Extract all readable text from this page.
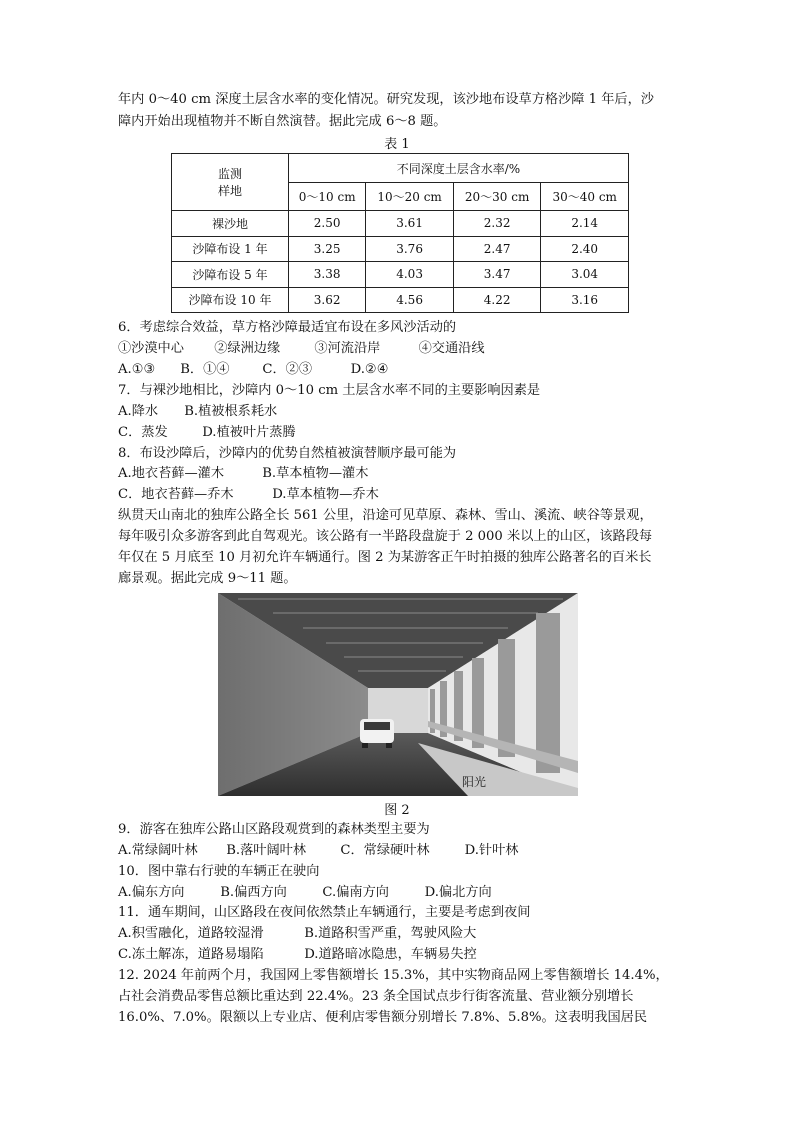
年内 0～40 cm 深度土层含水率的变化情况。研究发现，该沙地布设草方格沙障 1 年后，沙
障内开始出现植物并不断自然演替。据此完成 6～8 题。
表 1
监测
样地	不同深度土层含水率/%			
	0～10 cm	10～20 cm	20～30 cm	30～40 cm
裸沙地	2.50	3.61	2.32	2.14
沙障布设 1 年	3.25	3.76	2.47	2.40
沙障布设 5 年	3.38	4.03	3.47	3.04
沙障布设 10 年	3.62	4.56	4.22	3.16
6．考虑综合效益，草方格沙障最适宜布设在多风沙活动的
①沙漠中心 ②绿洲边缘	③河流沿岸	④交通沿线
A.①③ B．①④ C．②③	D.②④
7．与裸沙地相比，沙障内 0～10 cm 土层含水率不同的主要影响因素是
A.降水 B.植被根系耗水
C．蒸发	D.植被叶片蒸腾
8．布设沙障后，沙障内的优势自然植被演替顺序最可能为
A.地衣苔藓—灌木	B.草本植物—灌木
C．地衣苔藓—乔木	D.草本植物—乔木
纵贯天山南北的独库公路全长 561 公里，沿途可见草原、森林、雪山、溪流、峡谷等景观，
每年吸引众多游客到此自驾观光。该公路有一半路段盘旋于 2 000 米以上的山区，该路段每
年仅在 5 月底至 10 月初允许车辆通行。图 2 为某游客正午时拍摄的独库公路著名的百米长
廊景观。据此完成 9～11 题。
阳光
图 2
9．游客在独库公路山区路段观赏到的森林类型主要为
A.常绿阔叶林 B.落叶阔叶林	C．常绿硬叶林	D.针叶林
10．图中靠右行驶的车辆正在驶向
A.偏东方向	B.偏西方向	C.偏南方向	D.偏北方向
11．通车期间，山区路段在夜间依然禁止车辆通行，主要是考虑到夜间
A.积雪融化，道路较湿滑	B.道路积雪严重，驾驶风险大
C.冻土解冻，道路易塌陷	D.道路暗冰隐患，车辆易失控
12. 2024 年前两个月，我国网上零售额增长 15.3%，其中实物商品网上零售额增长 14.4%，
占社会消费品零售总额比重达到 22.4%。23 条全国试点步行街客流量、营业额分别增长
16.0%、7.0%。限额以上专业店、便利店零售额分别增长 7.8%、5.8%。这表明我国居民
